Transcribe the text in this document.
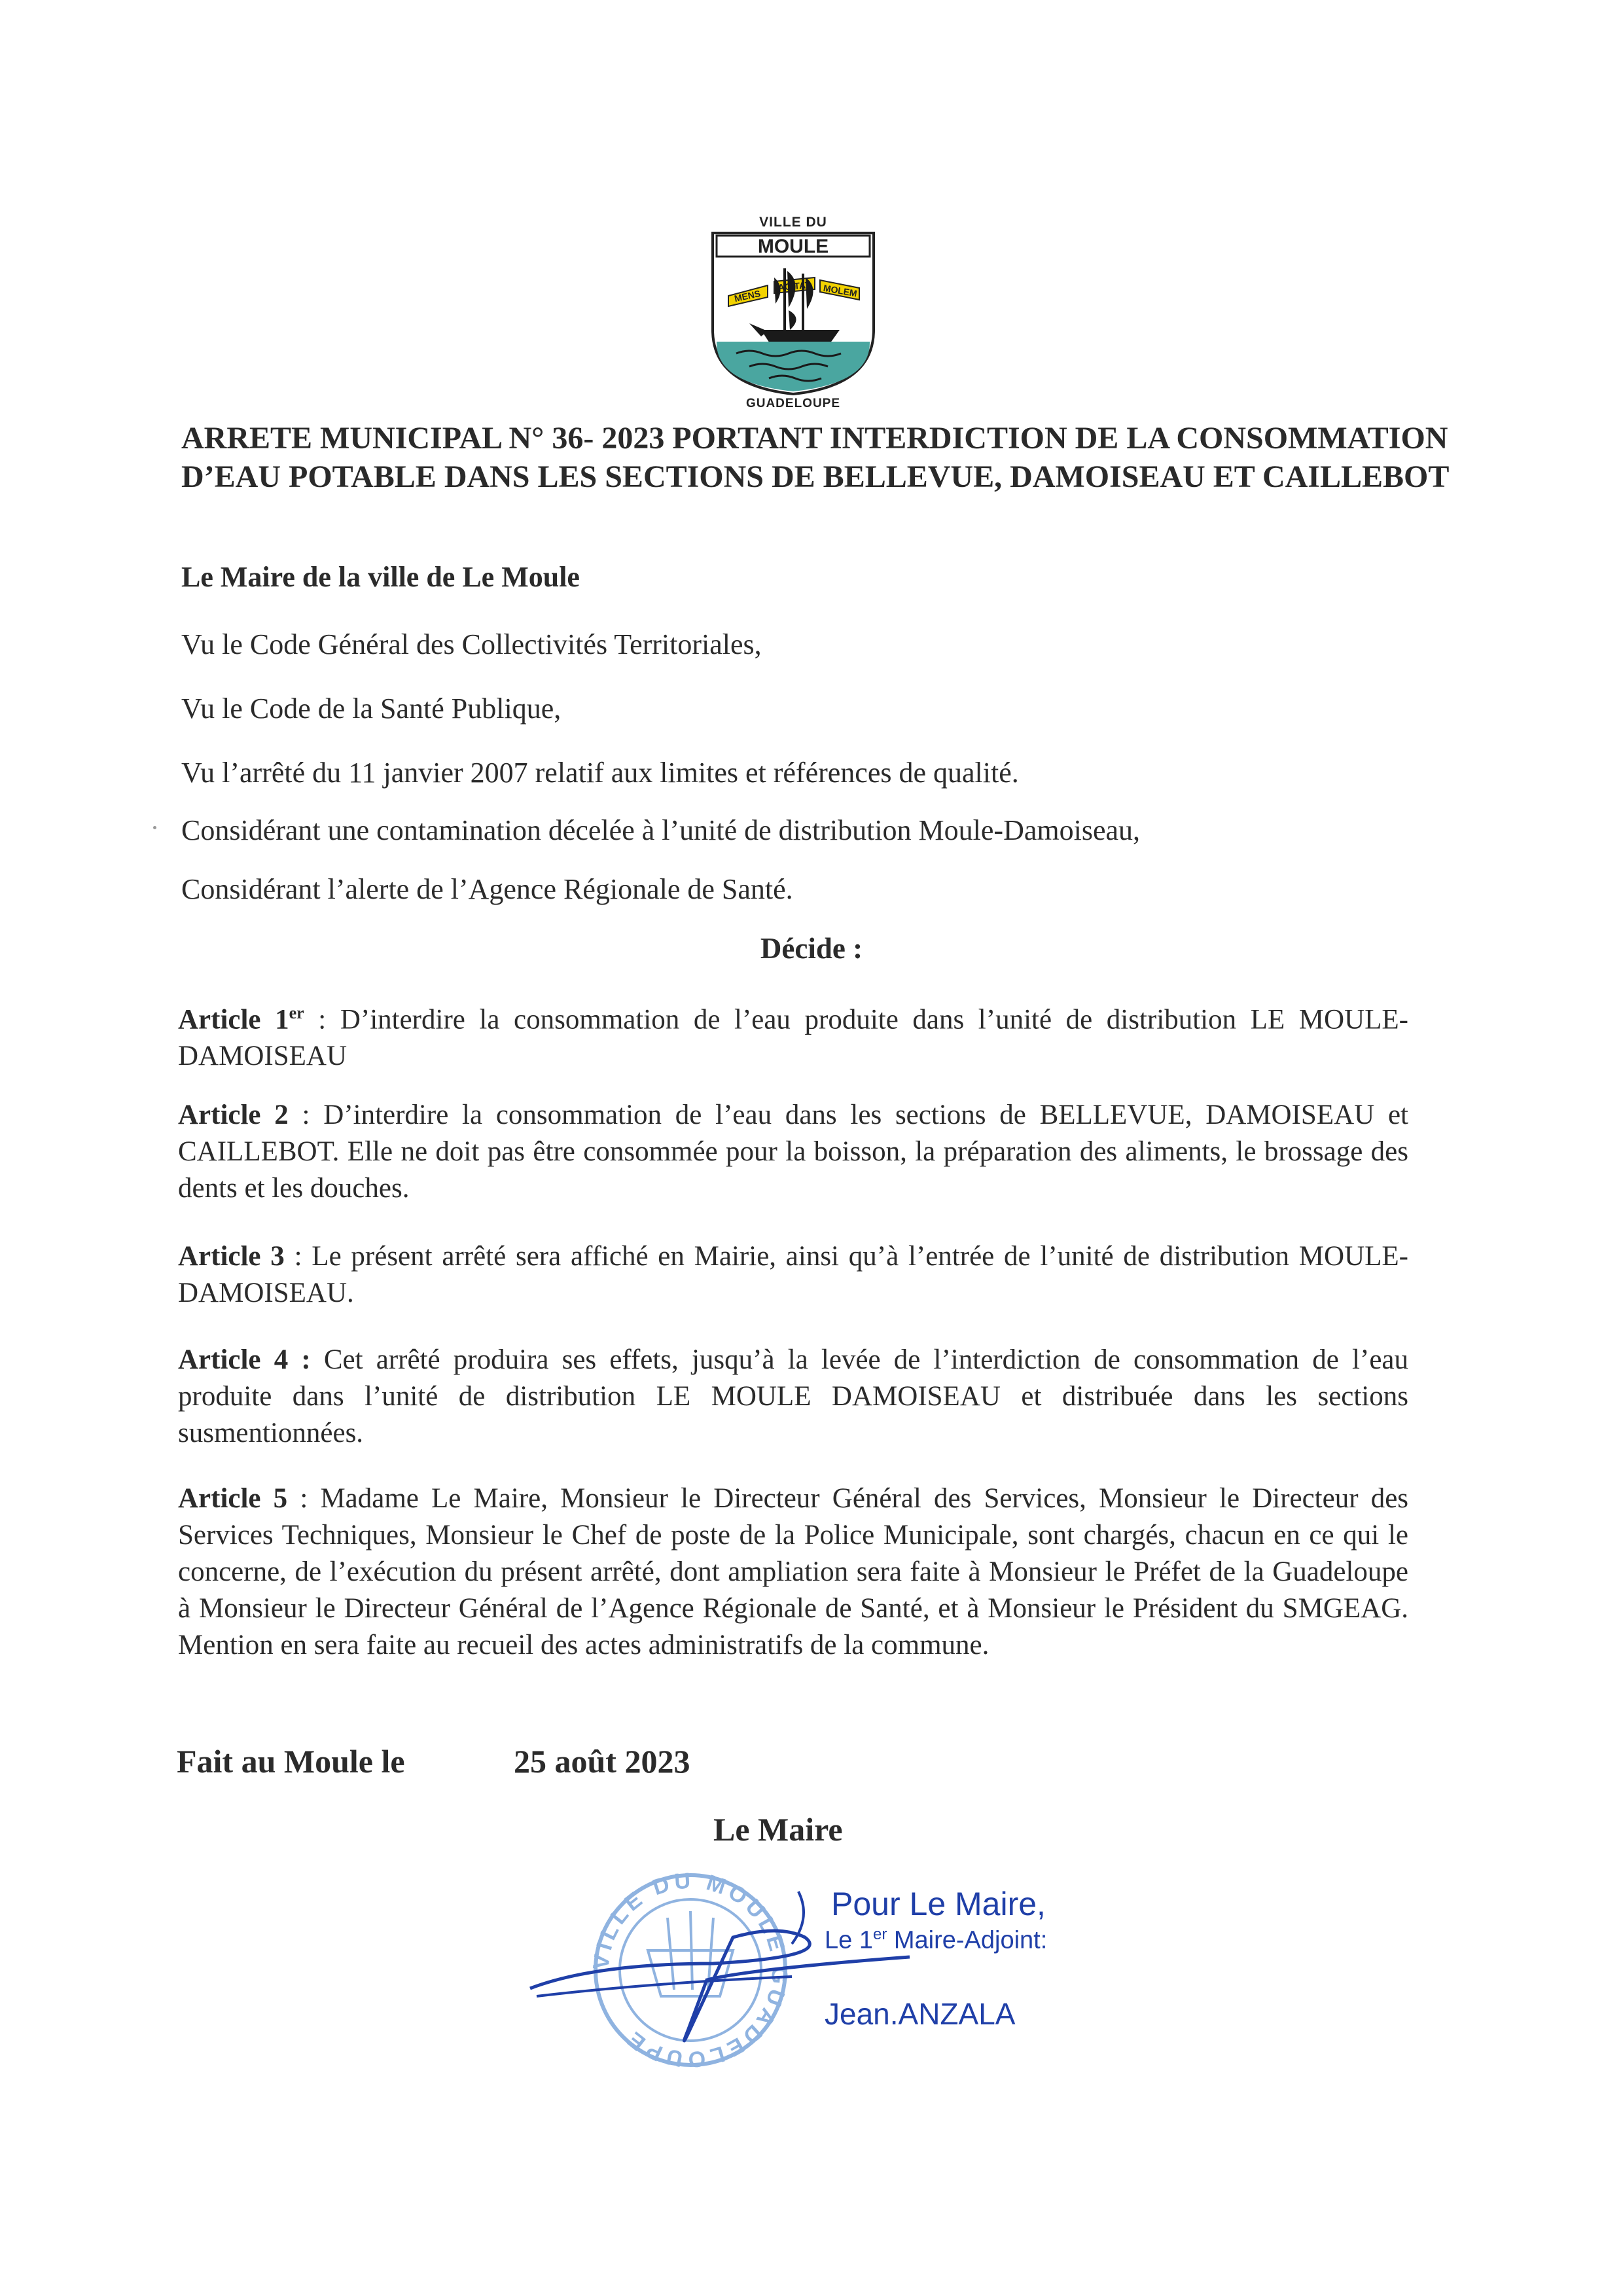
VILLE DU
MOULE
MENS	MOLEM
GUADELOUPE
ARRETE MUNICIPAL N° 36- 2023 PORTANT INTERDICTION DE LA CONSOMMATION D’EAU POTABLE DANS LES SECTIONS DE BELLEVUE, DAMOISEAU ET CAILLEBOT
Le Maire de la ville de Le Moule
Vu le Code Général des Collectivités Territoriales,
Vu le Code de la Santé Publique,
Vu l’arrêté du 11 janvier 2007 relatif aux limites et références de qualité.
Considérant une contamination décelée à l’unité de distribution Moule-Damoiseau,
Considérant l’alerte de l’Agence Régionale de Santé.
Décide :
Article 1er : D’interdire la consommation de l’eau produite dans l’unité de distribution LE MOULE-DAMOISEAU
Article 2 : D’interdire la consommation de l’eau dans les sections de BELLEVUE, DAMOISEAU et CAILLEBOT. Elle ne doit pas être consommée pour la boisson, la préparation des aliments, le brossage des dents et les douches.
Article 3 : Le présent arrêté sera affiché en Mairie, ainsi qu’à l’entrée de l’unité de distribution MOULE-DAMOISEAU.
Article 4 : Cet arrêté produira ses effets, jusqu’à la levée de l’interdiction de consommation de l’eau produite dans l’unité de distribution LE MOULE DAMOISEAU et distribuée dans les sections susmentionnées.
Article 5 : Madame Le Maire, Monsieur le Directeur Général des Services, Monsieur le Directeur des Services Techniques, Monsieur le Chef de poste de la Police Municipale, sont chargés, chacun en ce qui le concerne, de l’exécution du présent arrêté, dont ampliation sera faite à Monsieur le Préfet de la Guadeloupe à Monsieur le Directeur Général de l’Agence Régionale de Santé, et à Monsieur le Président du SMGEAG. Mention en sera faite au recueil des actes administratifs de la commune.
Fait au Moule le	25 août 2023
Le Maire
VILLE DU MOULE GUADELOUPE
Pour Le Maire,
Le 1er Maire-Adjoint:
Jean.ANZALA
